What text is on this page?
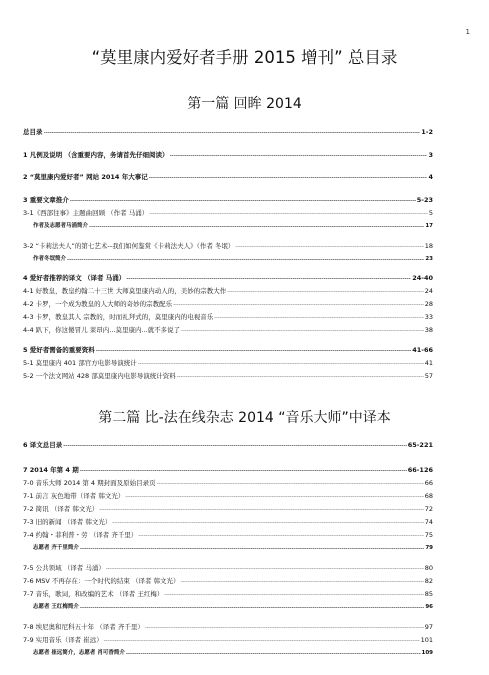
1
“莫里康内爱好者手册 2015 增刊” 总目录
第一篇 回眸 2014
总目录 -----	1-2
1 凡例及说明 （含重要内容，务请首先仔细阅读） -----	3
2 “莫里康内爱好者” 网站 2014 年大事记 -----	4
3 重要文章推介 -----	5-23
3-1《西部往事》主题曲回顾 （作者 马涌） -----	5
作者及志愿者马涌简介 -----	17
3-2 “卡莉法夫人”的第七艺术--我们如何鉴赏《卡莉法夫人》（作者 冬氓） -----	18
作者冬氓简介 -----	23
4 爱好者推荐的译文 （译者 马涌） -----	24-40
4-1 好教皇，教皇约翰二十三世 大师莫里康内动人的，美妙的宗教大作 -----	24
4-2 卡罗，一个成为教皇的人大师的奇妙的宗教配乐 -----	28
4-3 卡罗，教皇其人 宗教的，时而礼拜式的，莫里康内的电视音乐 -----	33
4-4 趴下，你这傻冒儿 莱昂内...莫里康内...就不多说了 -----	38
5 爱好者需备的重要资料 -----	41-66
5-1 莫里康内 401 部官方电影导演统计 -----	41
5-2 一个法文网站 428 部莫里康内电影导演统计资料 -----	57
第二篇 比-法在线杂志 2014 “音乐大师”中译本
6 译文总目录 -----	65-221
7 2014 年第 4 期 -----	66-126
7-0 音乐大师 2014 第 4 期封面及原始目录页 -----	66
7-1 前言 灰色地带（译者 韩文光） -----	68
7-2 简讯 （译者 韩文光） -----	72
7-3 旧的新闻 （译者 韩文光） -----	74
7-4 约翰・菲利普・劳 （译者 齐千里） -----	75
志愿者 齐千里简介 -----	79
7-5 公共领域 （译者 马涌） -----	80
7-6 MSV 不再存在：一个时代的结束 （译者 韩文光） -----	82
7-7 音乐，歌词，和改编的艺术 （译者 王红梅） -----	85
志愿者 王红梅简介 -----	96
7-8 埃尼奥和尼科五十年 （译者 齐千里） -----	97
7-9 实用音乐（译者 崔远） -----	101
志愿者 崔远简介，志愿者 肖可香简介 -----	109
